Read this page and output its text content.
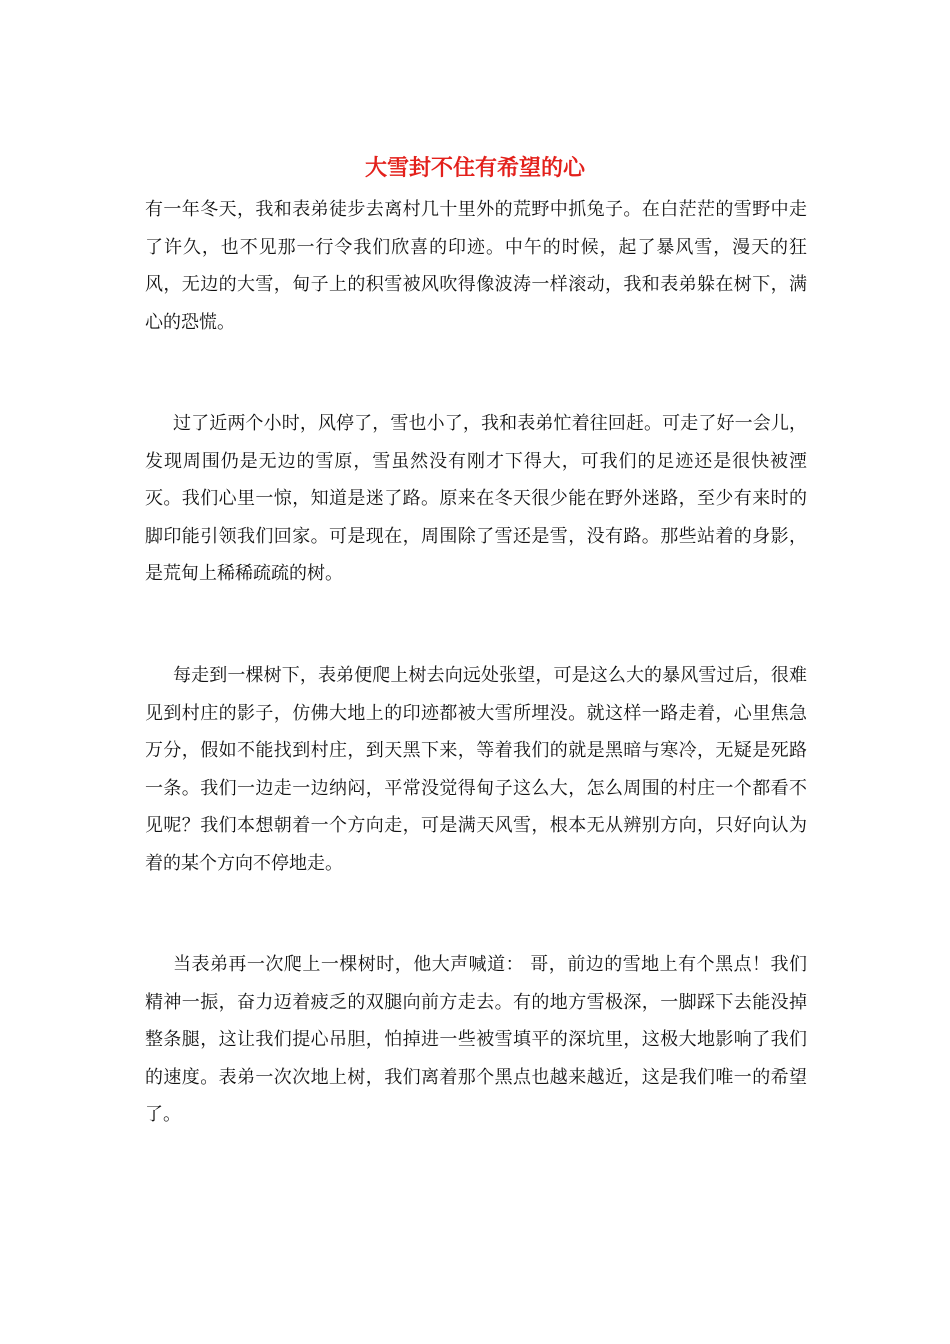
大雪封不住有希望的心

有一年冬天，我和表弟徒步去离村几十里外的荒野中抓兔子。在白茫茫的雪野中走了许久，也不见那一行令我们欣喜的印迹。中午的时候，起了暴风雪，漫天的狂风，无边的大雪，甸子上的积雪被风吹得像波涛一样滚动，我和表弟躲在树下，满心的恐慌。

过了近两个小时，风停了，雪也小了，我和表弟忙着往回赶。可走了好一会儿，发现周围仍是无边的雪原，雪虽然没有刚才下得大，可我们的足迹还是很快被湮灭。我们心里一惊，知道是迷了路。原来在冬天很少能在野外迷路，至少有来时的脚印能引领我们回家。可是现在，周围除了雪还是雪，没有路。那些站着的身影，是荒甸上稀稀疏疏的树。

每走到一棵树下，表弟便爬上树去向远处张望，可是这么大的暴风雪过后，很难见到村庄的影子，仿佛大地上的印迹都被大雪所埋没。就这样一路走着，心里焦急万分，假如不能找到村庄，到天黑下来，等着我们的就是黑暗与寒冷，无疑是死路一条。我们一边走一边纳闷，平常没觉得甸子这么大，怎么周围的村庄一个都看不见呢？我们本想朝着一个方向走，可是满天风雪，根本无从辨别方向，只好向认为着的某个方向不停地走。

当表弟再一次爬上一棵树时，他大声喊道： 哥，前边的雪地上有个黑点！我们精神一振，奋力迈着疲乏的双腿向前方走去。有的地方雪极深，一脚踩下去能没掉整条腿，这让我们提心吊胆，怕掉进一些被雪填平的深坑里，这极大地影响了我们的速度。表弟一次次地上树，我们离着那个黑点也越来越近，这是我们唯一的希望了。
